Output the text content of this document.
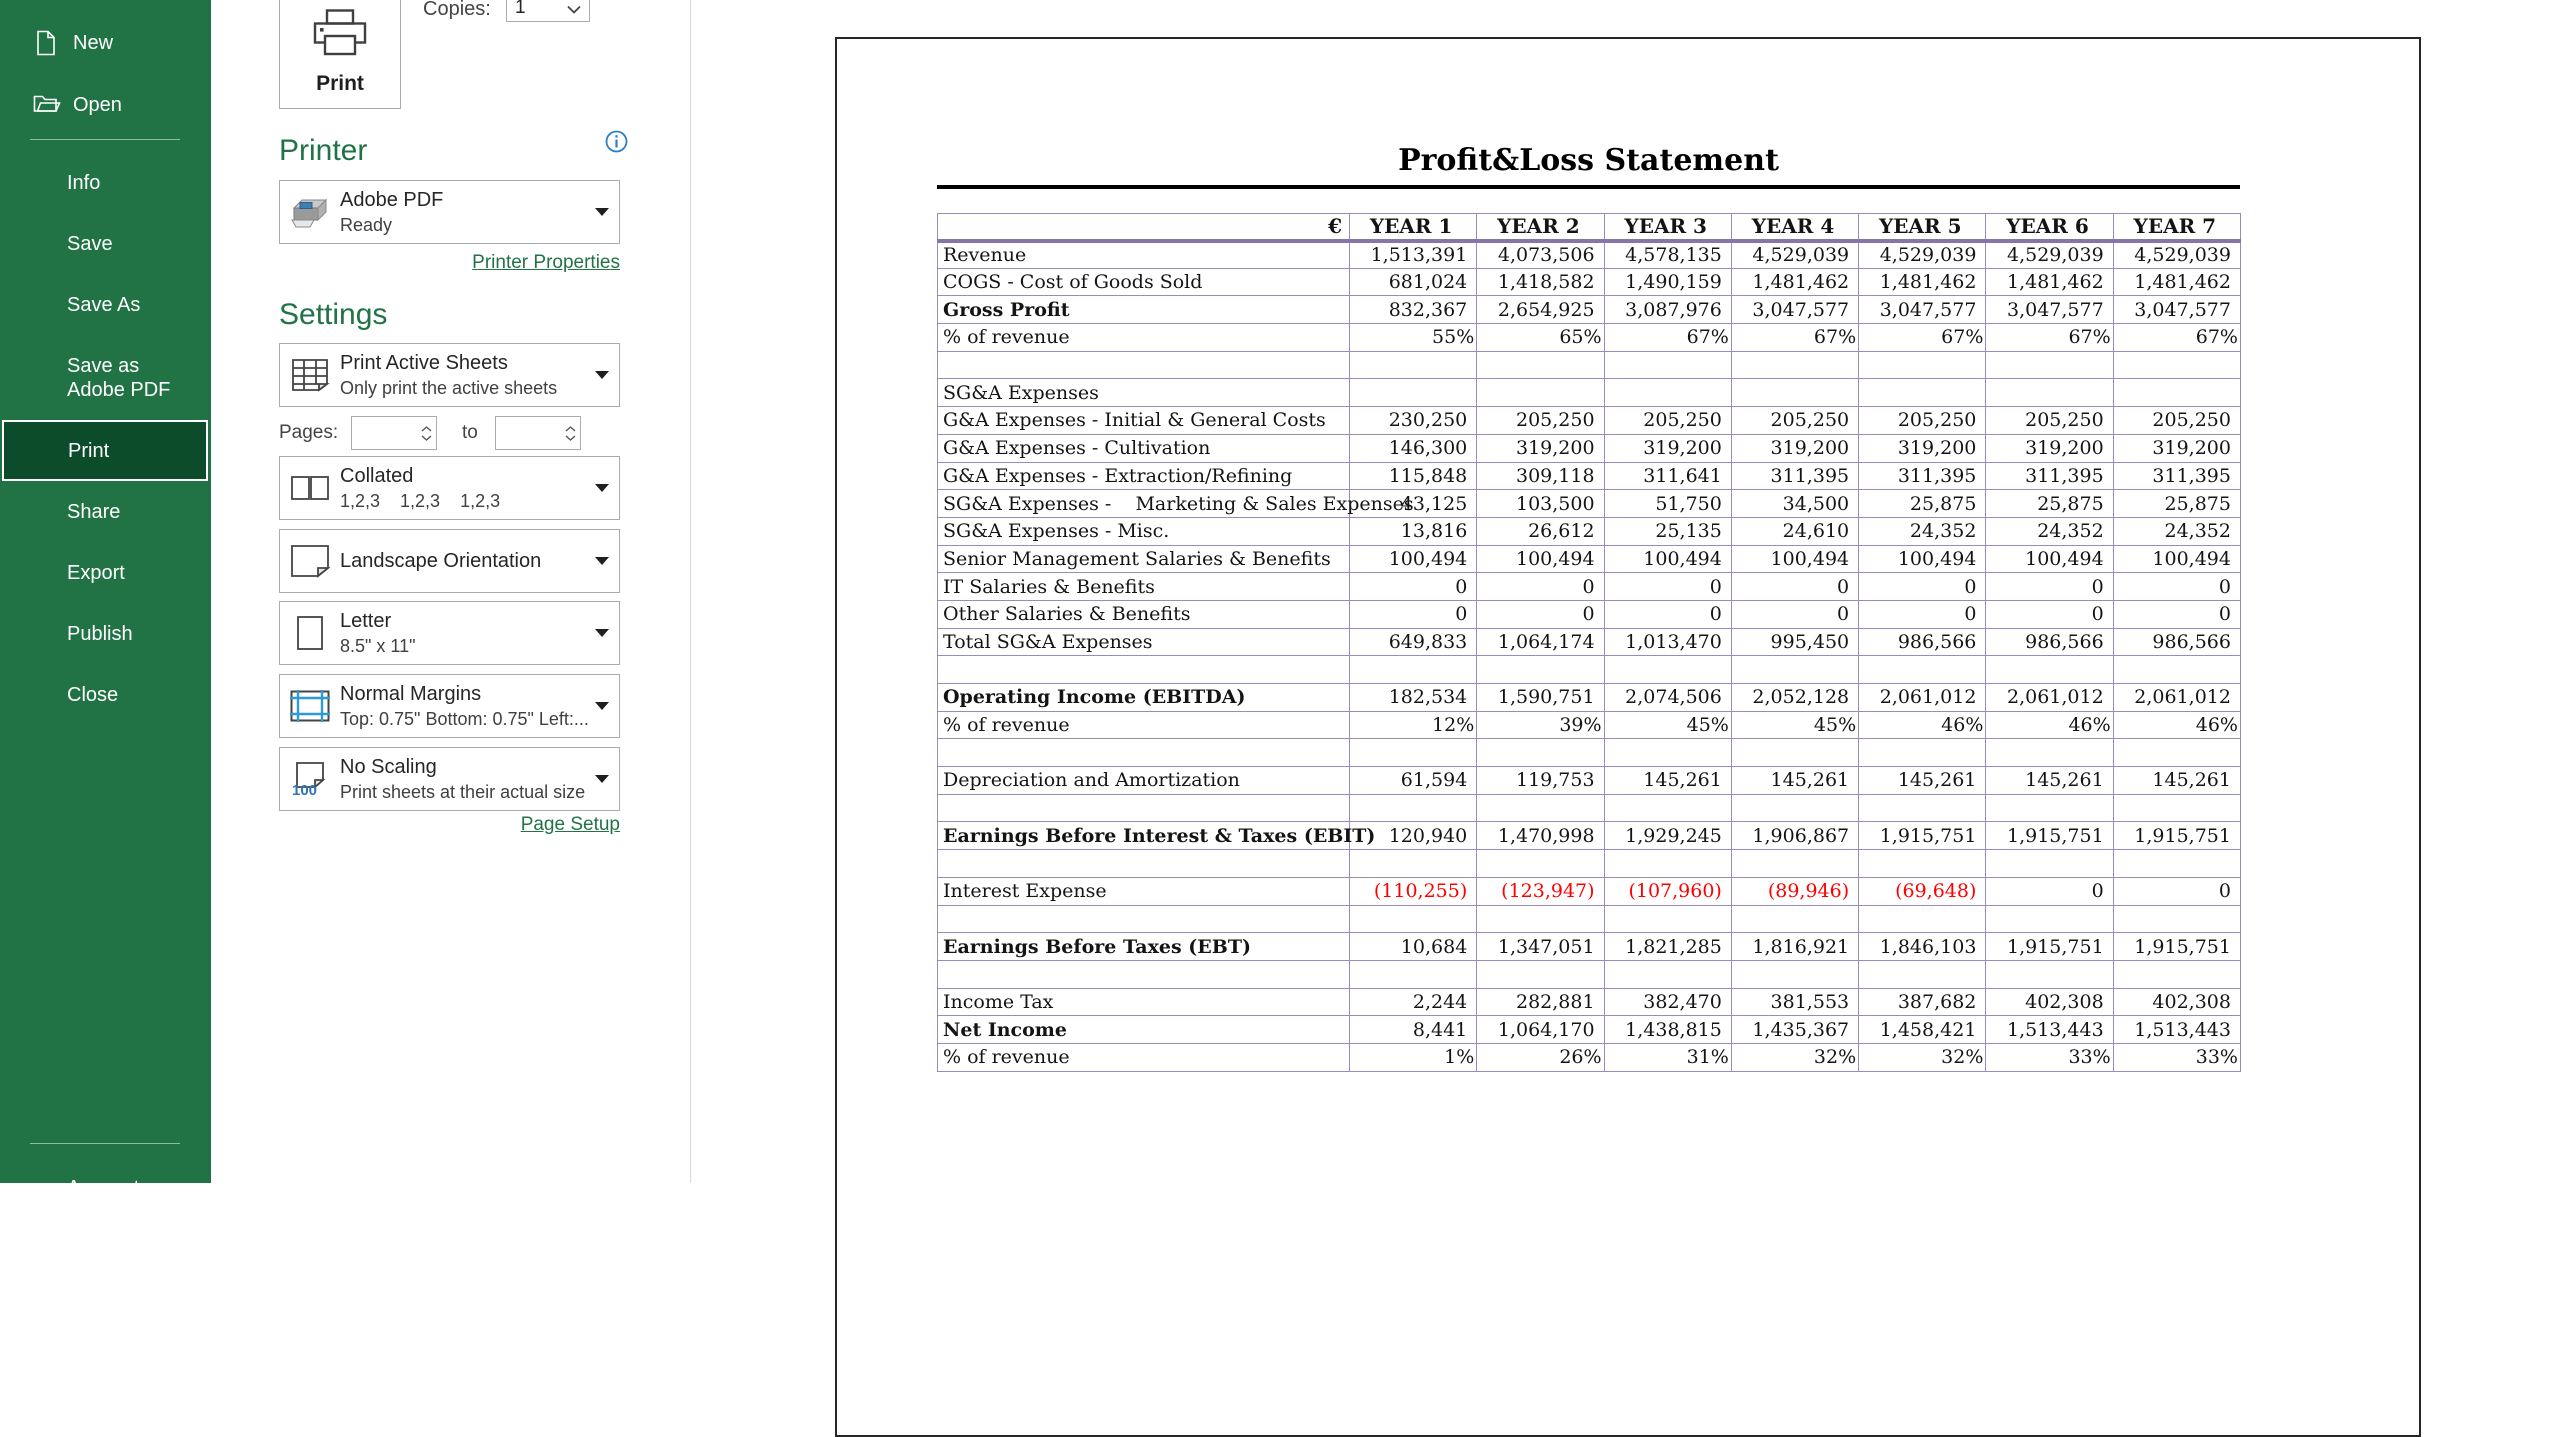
New
Open
Info
Save
Save As
Save as Adobe PDF
Print
Share
Export
Publish
Close
Account
Print
Copies: 1
Printer
Adobe PDF
Ready
Printer Properties
Settings
Print Active Sheets
Only print the active sheets
Collated
1,2,3    1,2,3    1,2,3
Landscape Orientation
Letter
8.5" x 11"
Normal Margins
Top: 0.75" Bottom: 0.75" Left:...
100
No Scaling
Print sheets at their actual size
Pages:	to
Page Setup
Profit&Loss Statement
€	YEAR 1	YEAR 2	YEAR 3	YEAR 4	YEAR 5	YEAR 6	YEAR 7
Revenue	1,513,391	4,073,506	4,578,135	4,529,039	4,529,039	4,529,039	4,529,039
COGS - Cost of Goods Sold	681,024	1,418,582	1,490,159	1,481,462	1,481,462	1,481,462	1,481,462
Gross Profit	832,367	2,654,925	3,087,976	3,047,577	3,047,577	3,047,577	3,047,577
% of revenue	55%	65%	67%	67%	67%	67%	67%

SG&A Expenses							
G&A Expenses - Initial & General Costs	230,250	205,250	205,250	205,250	205,250	205,250	205,250
G&A Expenses - Cultivation	146,300	319,200	319,200	319,200	319,200	319,200	319,200
G&A Expenses - Extraction/Refining	115,848	309,118	311,641	311,395	311,395	311,395	311,395
SG&A Expenses -    Marketing & Sales Expenses	43,125	103,500	51,750	34,500	25,875	25,875	25,875
SG&A Expenses - Misc.	13,816	26,612	25,135	24,610	24,352	24,352	24,352
Senior Management Salaries & Benefits	100,494	100,494	100,494	100,494	100,494	100,494	100,494
IT Salaries & Benefits	0	0	0	0	0	0	0
Other Salaries & Benefits	0	0	0	0	0	0	0
Total SG&A Expenses	649,833	1,064,174	1,013,470	995,450	986,566	986,566	986,566

Operating Income (EBITDA)	182,534	1,590,751	2,074,506	2,052,128	2,061,012	2,061,012	2,061,012
% of revenue	12%	39%	45%	45%	46%	46%	46%

Depreciation and Amortization	61,594	119,753	145,261	145,261	145,261	145,261	145,261

Earnings Before Interest & Taxes (EBIT)	120,940	1,470,998	1,929,245	1,906,867	1,915,751	1,915,751	1,915,751

Interest Expense	(110,255)	(123,947)	(107,960)	(89,946)	(69,648)	0	0

Earnings Before Taxes (EBT)	10,684	1,347,051	1,821,285	1,816,921	1,846,103	1,915,751	1,915,751

Income Tax	2,244	282,881	382,470	381,553	387,682	402,308	402,308
Net Income	8,441	1,064,170	1,438,815	1,435,367	1,458,421	1,513,443	1,513,443
% of revenue	1%	26%	31%	32%	32%	33%	33%
